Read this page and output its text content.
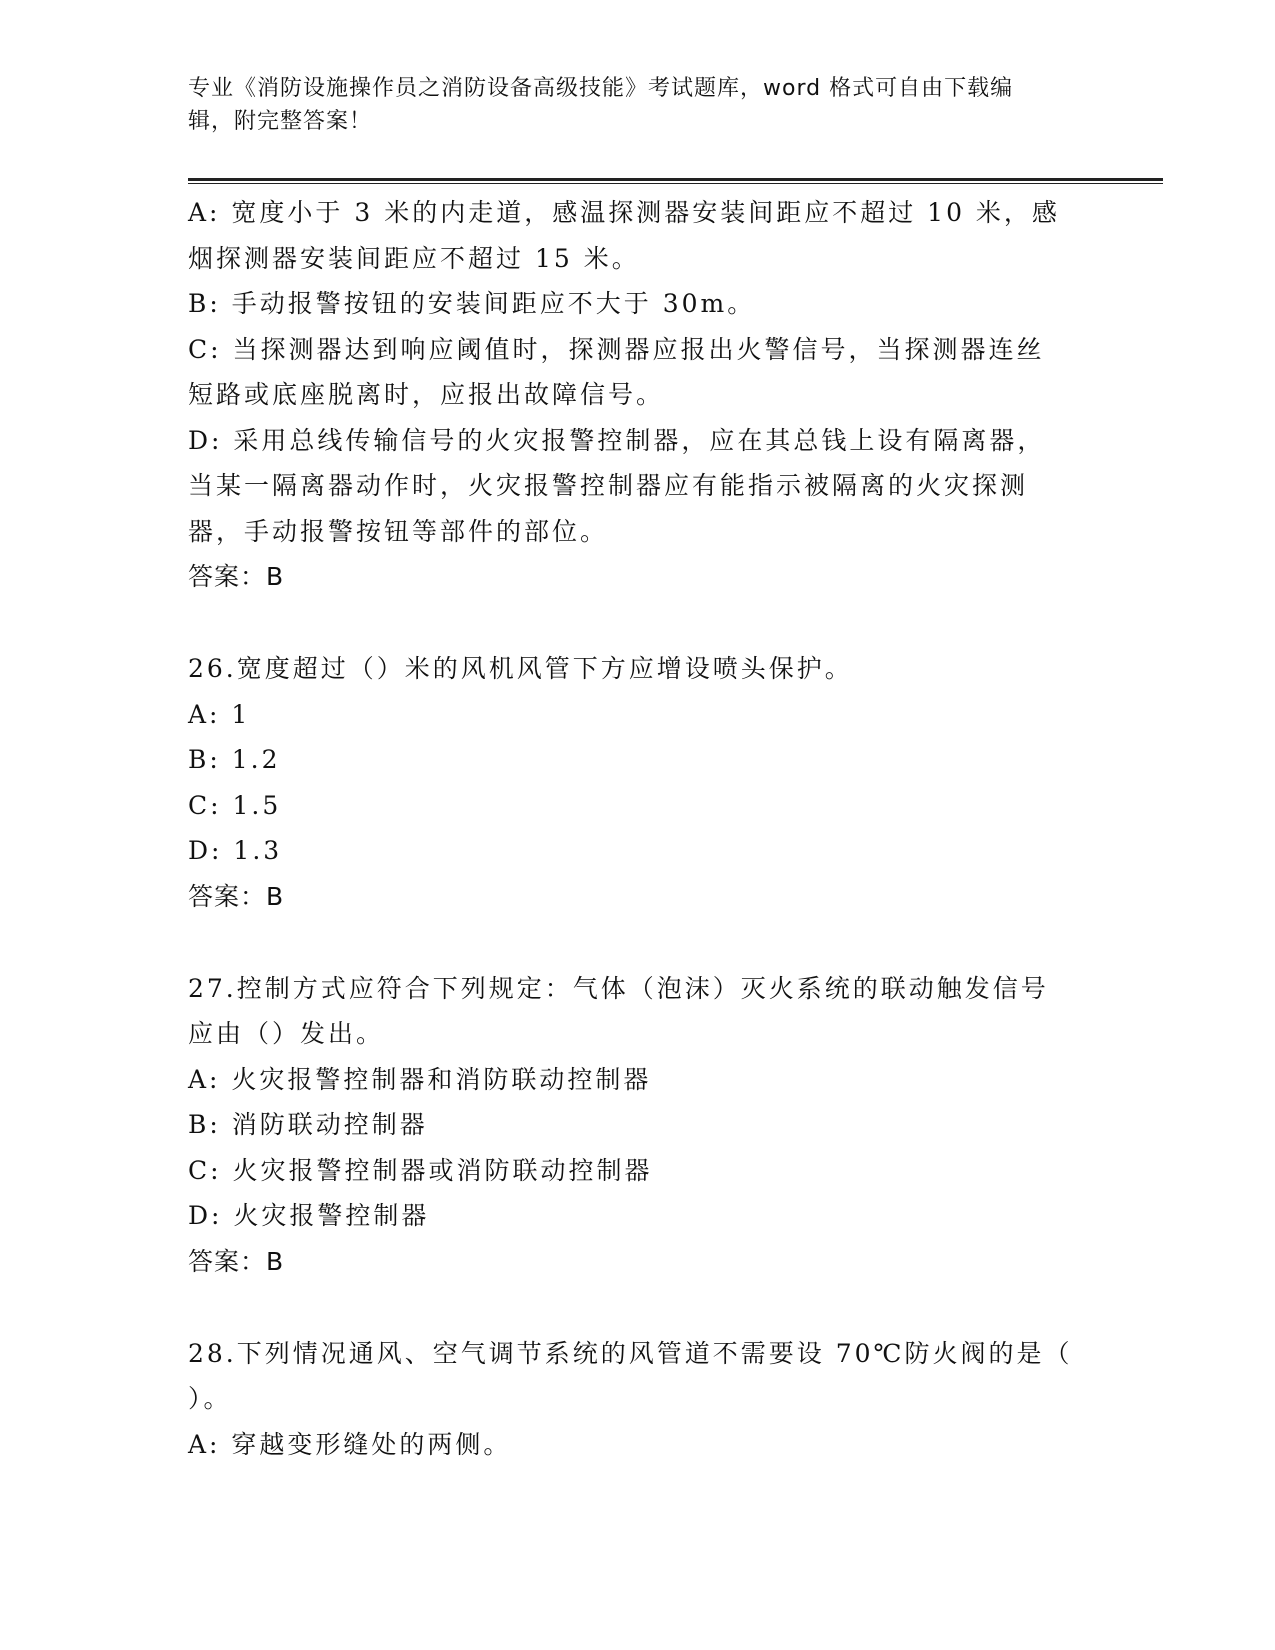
专业《消防设施操作员之消防设备高级技能》考试题库，word 格式可自由下载编
辑，附完整答案！

A: 宽度小于 3 米的内走道，感温探测器安装间距应不超过 10 米，感

烟探测器安装间距应不超过 15 米。

B: 手动报警按钮的安装间距应不大于 30m。

C: 当探测器达到响应阈值时，探测器应报出火警信号，当探测器连丝

短路或底座脱离时，应报出故障信号。

D: 采用总线传输信号的火灾报警控制器，应在其总钱上设有隔离器，

当某一隔离器动作时，火灾报警控制器应有能指示被隔离的火灾探测

器，手动报警按钮等部件的部位。

答案：B

26.宽度超过（）米的风机风管下方应增设喷头保护。

A: 1

B: 1.2

C: 1.5

D: 1.3

答案：B

27.控制方式应符合下列规定：气体（泡沫）灭火系统的联动触发信号

应由（）发出。

A: 火灾报警控制器和消防联动控制器

B: 消防联动控制器

C: 火灾报警控制器或消防联动控制器

D: 火灾报警控制器

答案：B

28.下列情况通风、空气调节系统的风管道不需要设 70℃防火阀的是（

）。

A: 穿越变形缝处的两侧。
